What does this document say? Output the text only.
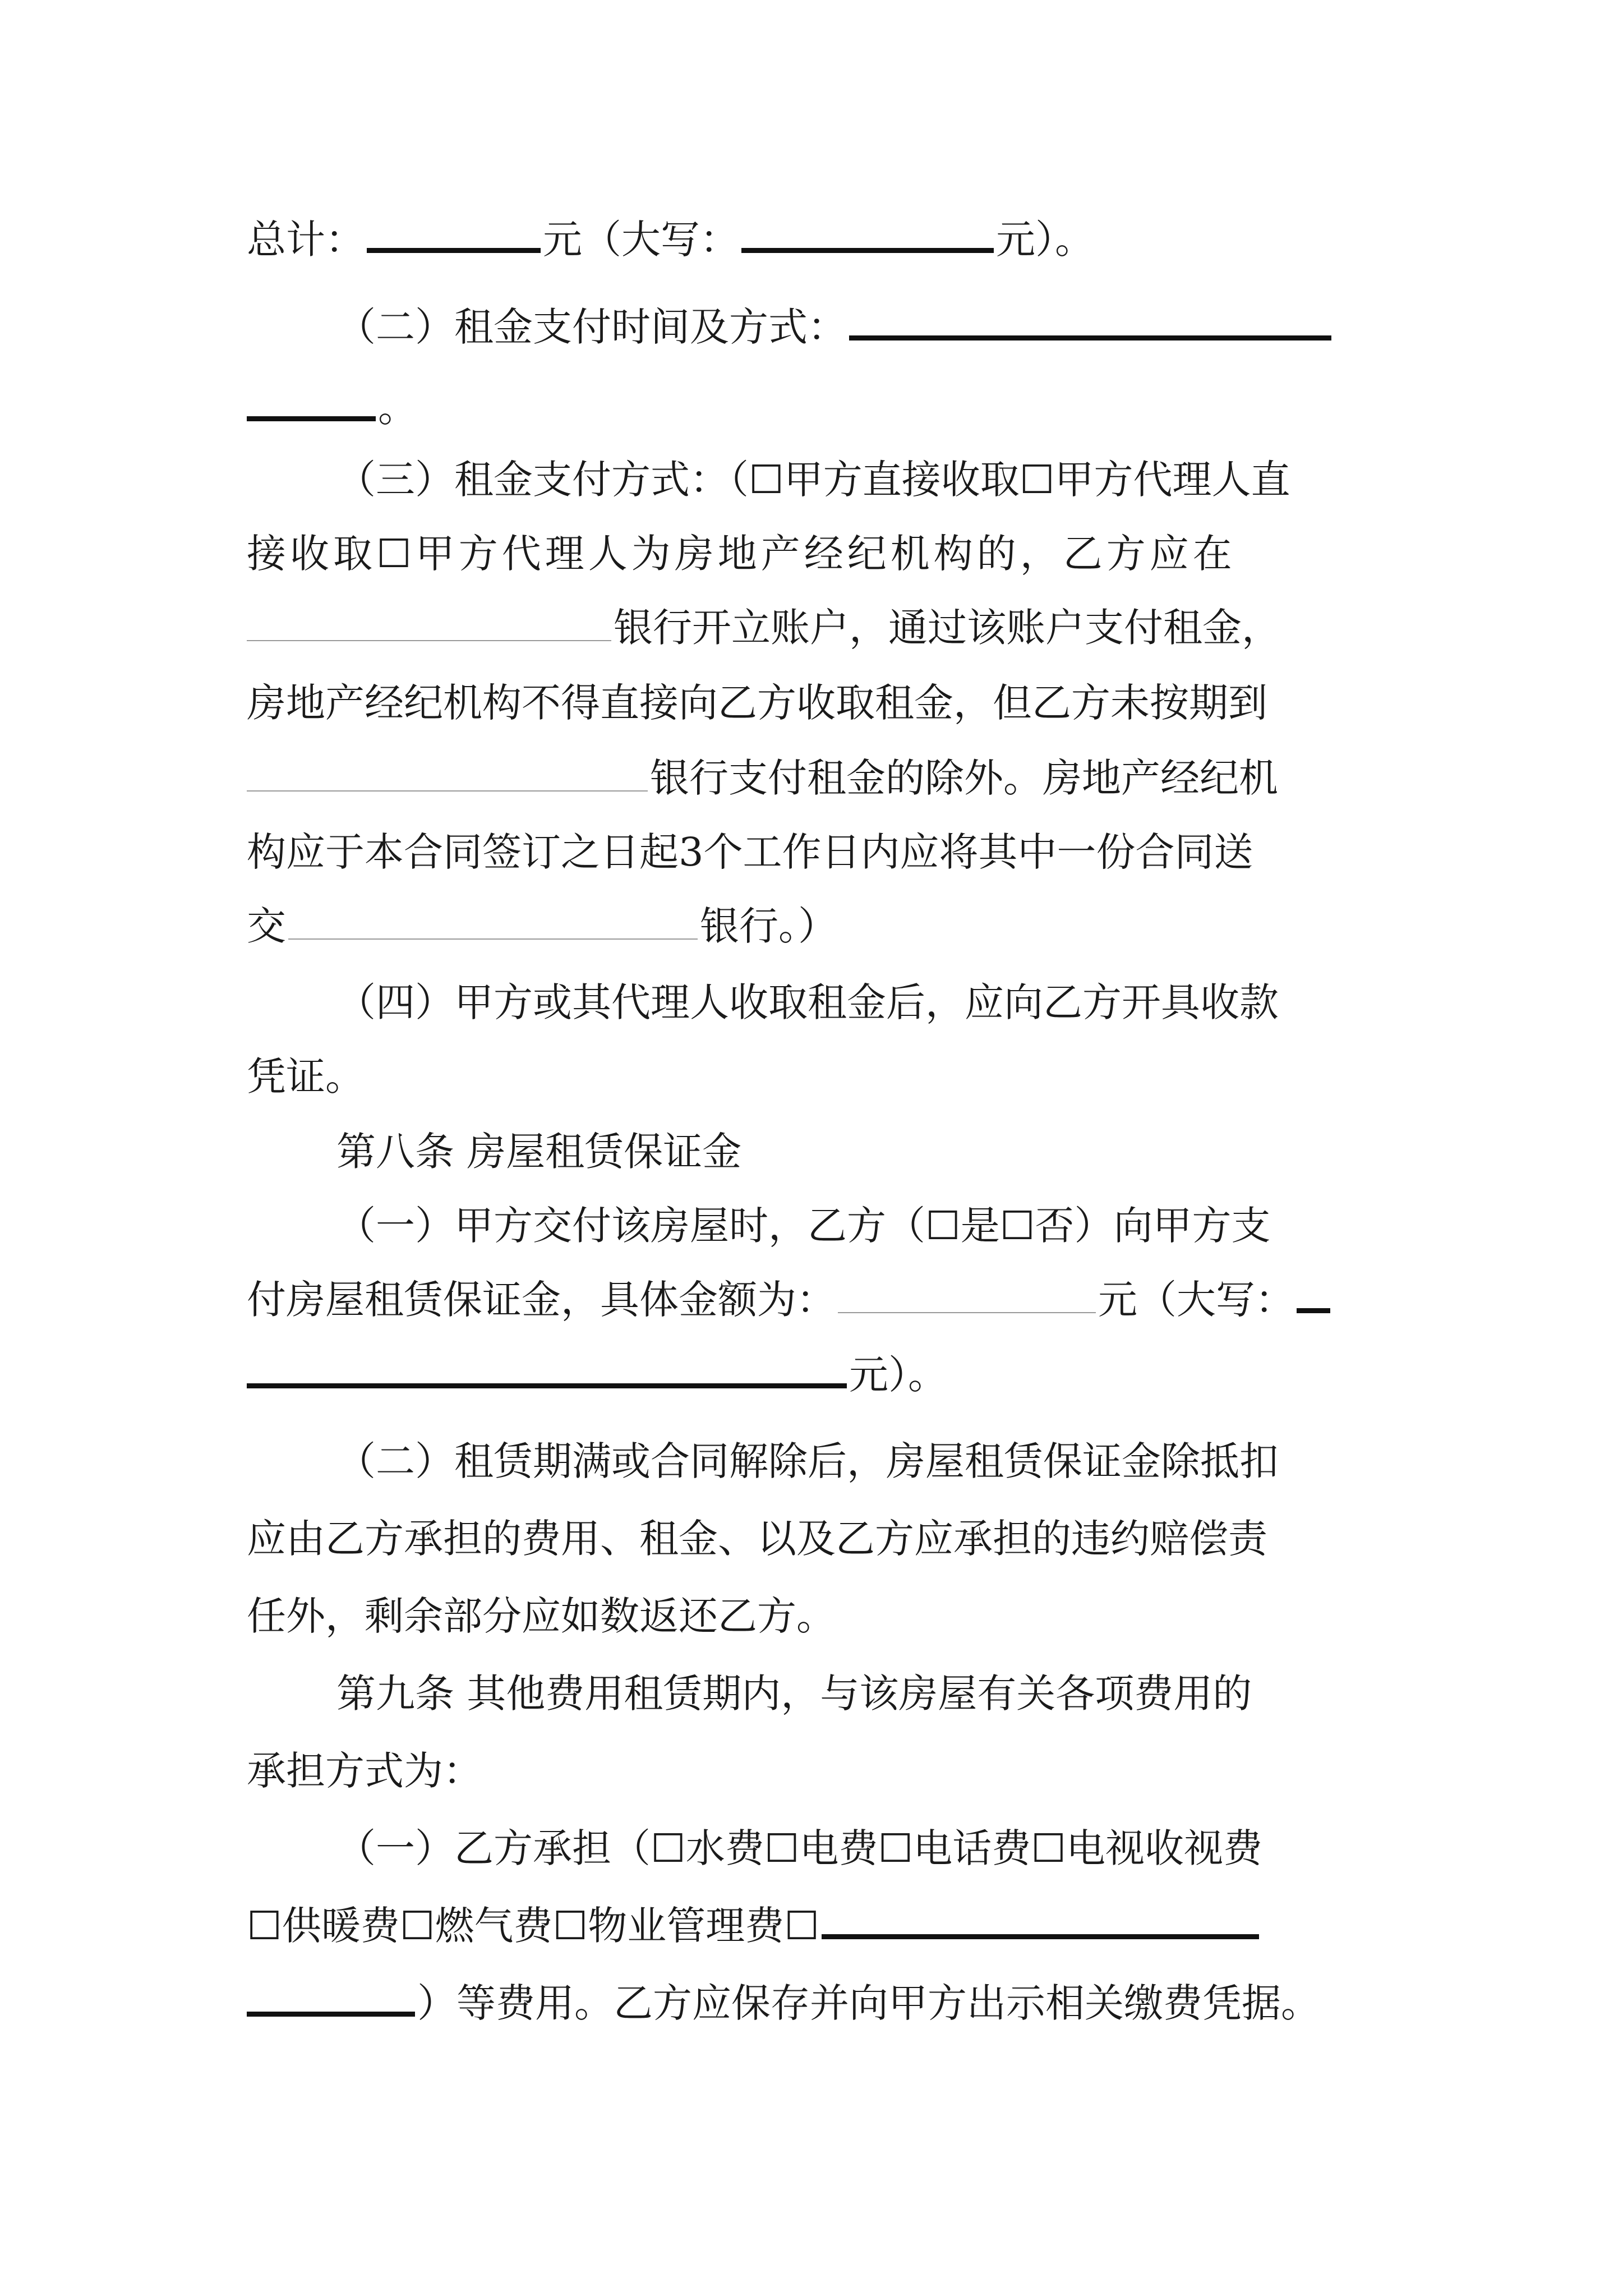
总计：	元（大写：	元）。
（二）租金支付时间及方式：
。
（三）租金支付方式：（☐甲方直接收取☐甲方代理人直
接收取☐甲方代理人为房地产经纪机构的，乙方应在
银行开立账户，通过该账户支付租金，
房地产经纪机构不得直接向乙方收取租金，但乙方未按期到
银行支付租金的除外。房地产经纪机
构应于本合同签订之日起3个工作日内应将其中一份合同送
交	银行。）
（四）甲方或其代理人收取租金后，应向乙方开具收款
凭证。
第八条 房屋租赁保证金
（一）甲方交付该房屋时，乙方（☐是☐否）向甲方支
付房屋租赁保证金，具体金额为：	元（大写：
元）。
（二）租赁期满或合同解除后，房屋租赁保证金除抵扣
应由乙方承担的费用、租金、以及乙方应承担的违约赔偿责
任外，剩余部分应如数返还乙方。
第九条 其他费用租赁期内，与该房屋有关各项费用的
承担方式为：
（一）乙方承担（☐水费☐电费☐电话费☐电视收视费
☐供暖费☐燃气费☐物业管理费☐
）等费用。乙方应保存并向甲方出示相关缴费凭据。
